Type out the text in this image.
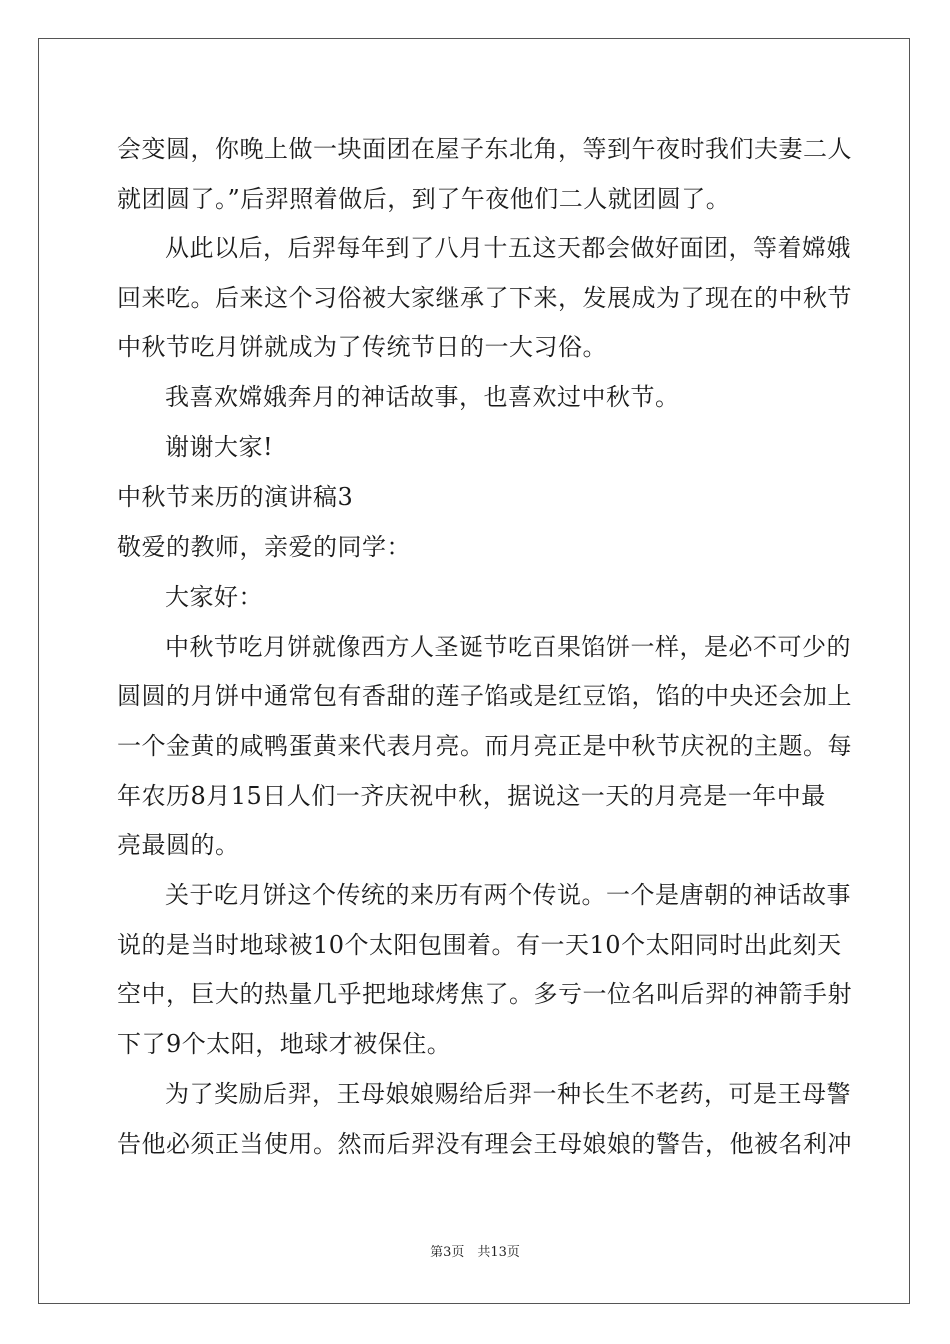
会变圆，你晚上做一块面团在屋子东北角，等到午夜时我们夫妻二人
就团圆了。”后羿照着做后，到了午夜他们二人就团圆了。
从此以后，后羿每年到了八月十五这天都会做好面团，等着嫦娥
回来吃。后来这个习俗被大家继承了下来，发展成为了现在的中秋节
中秋节吃月饼就成为了传统节日的一大习俗。
我喜欢嫦娥奔月的神话故事，也喜欢过中秋节。
谢谢大家!
中秋节来历的演讲稿3
敬爱的教师，亲爱的同学：
大家好：
中秋节吃月饼就像西方人圣诞节吃百果馅饼一样，是必不可少的
圆圆的月饼中通常包有香甜的莲子馅或是红豆馅，馅的中央还会加上
一个金黄的咸鸭蛋黄来代表月亮。而月亮正是中秋节庆祝的主题。每
年农历8月15日人们一齐庆祝中秋，据说这一天的月亮是一年中最
亮最圆的。
关于吃月饼这个传统的来历有两个传说。一个是唐朝的神话故事
说的是当时地球被10个太阳包围着。有一天10个太阳同时出此刻天
空中，巨大的热量几乎把地球烤焦了。多亏一位名叫后羿的神箭手射
下了9个太阳，地球才被保住。
为了奖励后羿，王母娘娘赐给后羿一种长生不老药，可是王母警
告他必须正当使用。然而后羿没有理会王母娘娘的警告，他被名利冲
第3页　共13页
